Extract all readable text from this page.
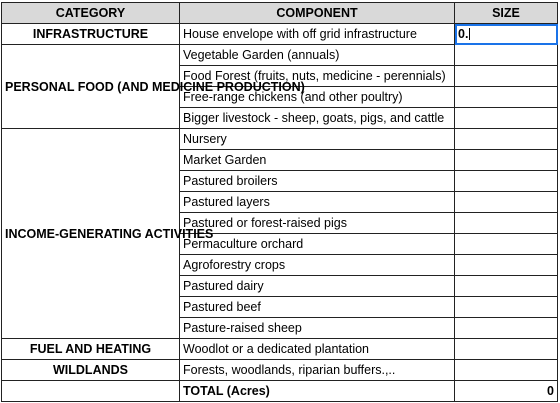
CATEGORY	COMPONENT	SIZE
INFRASTRUCTURE	House envelope with off grid infrastructure	0.
PERSONAL FOOD (AND MEDICINE PRODUCTION)	Vegetable Garden (annuals)	
	Food Forest (fruits, nuts, medicine - perennials)	
	Free-range chickens (and other poultry)	
	Bigger livestock - sheep, goats, pigs, and cattle	
INCOME-GENERATING ACTIVITIES	Nursery	
	Market Garden	
	Pastured broilers	
	Pastured layers	
	Pastured or forest-raised pigs	
	Permaculture orchard	
	Agroforestry crops	
	Pastured dairy	
	Pastured beef	
	Pasture-raised sheep	
FUEL AND HEATING	Woodlot or a dedicated plantation	
WILDLANDS	Forests, woodlands, riparian buffers.,..	
	TOTAL (Acres)	0
